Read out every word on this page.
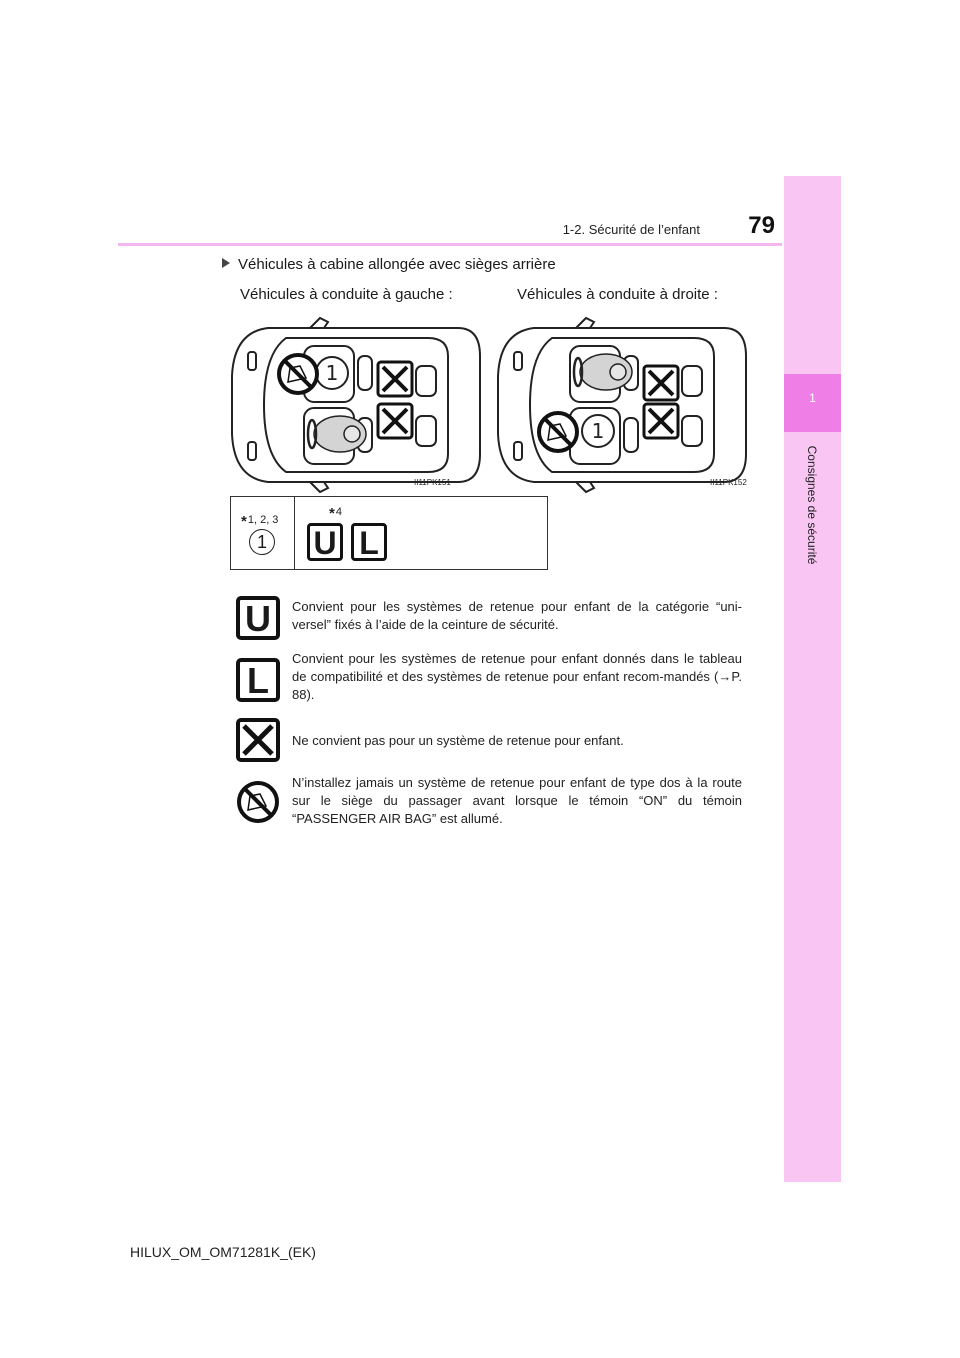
1-2. Sécurité de l’enfant	79
1
Consignes de sécurité
Véhicules à cabine allongée avec sièges arrière
Véhicules à conduite à gauche :	Véhicules à conduite à droite :
1
II11PK151
1
II11PK152
*1, 2, 3
1
*4
U L
U	Convient pour les systèmes de retenue pour enfant de la catégorie “uni-versel” fixés à l’aide de la ceinture de sécurité.
L
Convient pour les systèmes de retenue pour enfant donnés dans le tableau de compatibilité et des systèmes de retenue pour enfant recom-mandés (→P. 88).
Ne convient pas pour un système de retenue pour enfant.
N’installez jamais un système de retenue pour enfant de type dos à la route sur le siège du passager avant lorsque le témoin “ON” du témoin “PASSENGER AIR BAG” est allumé.
HILUX_OM_OM71281K_(EK)
